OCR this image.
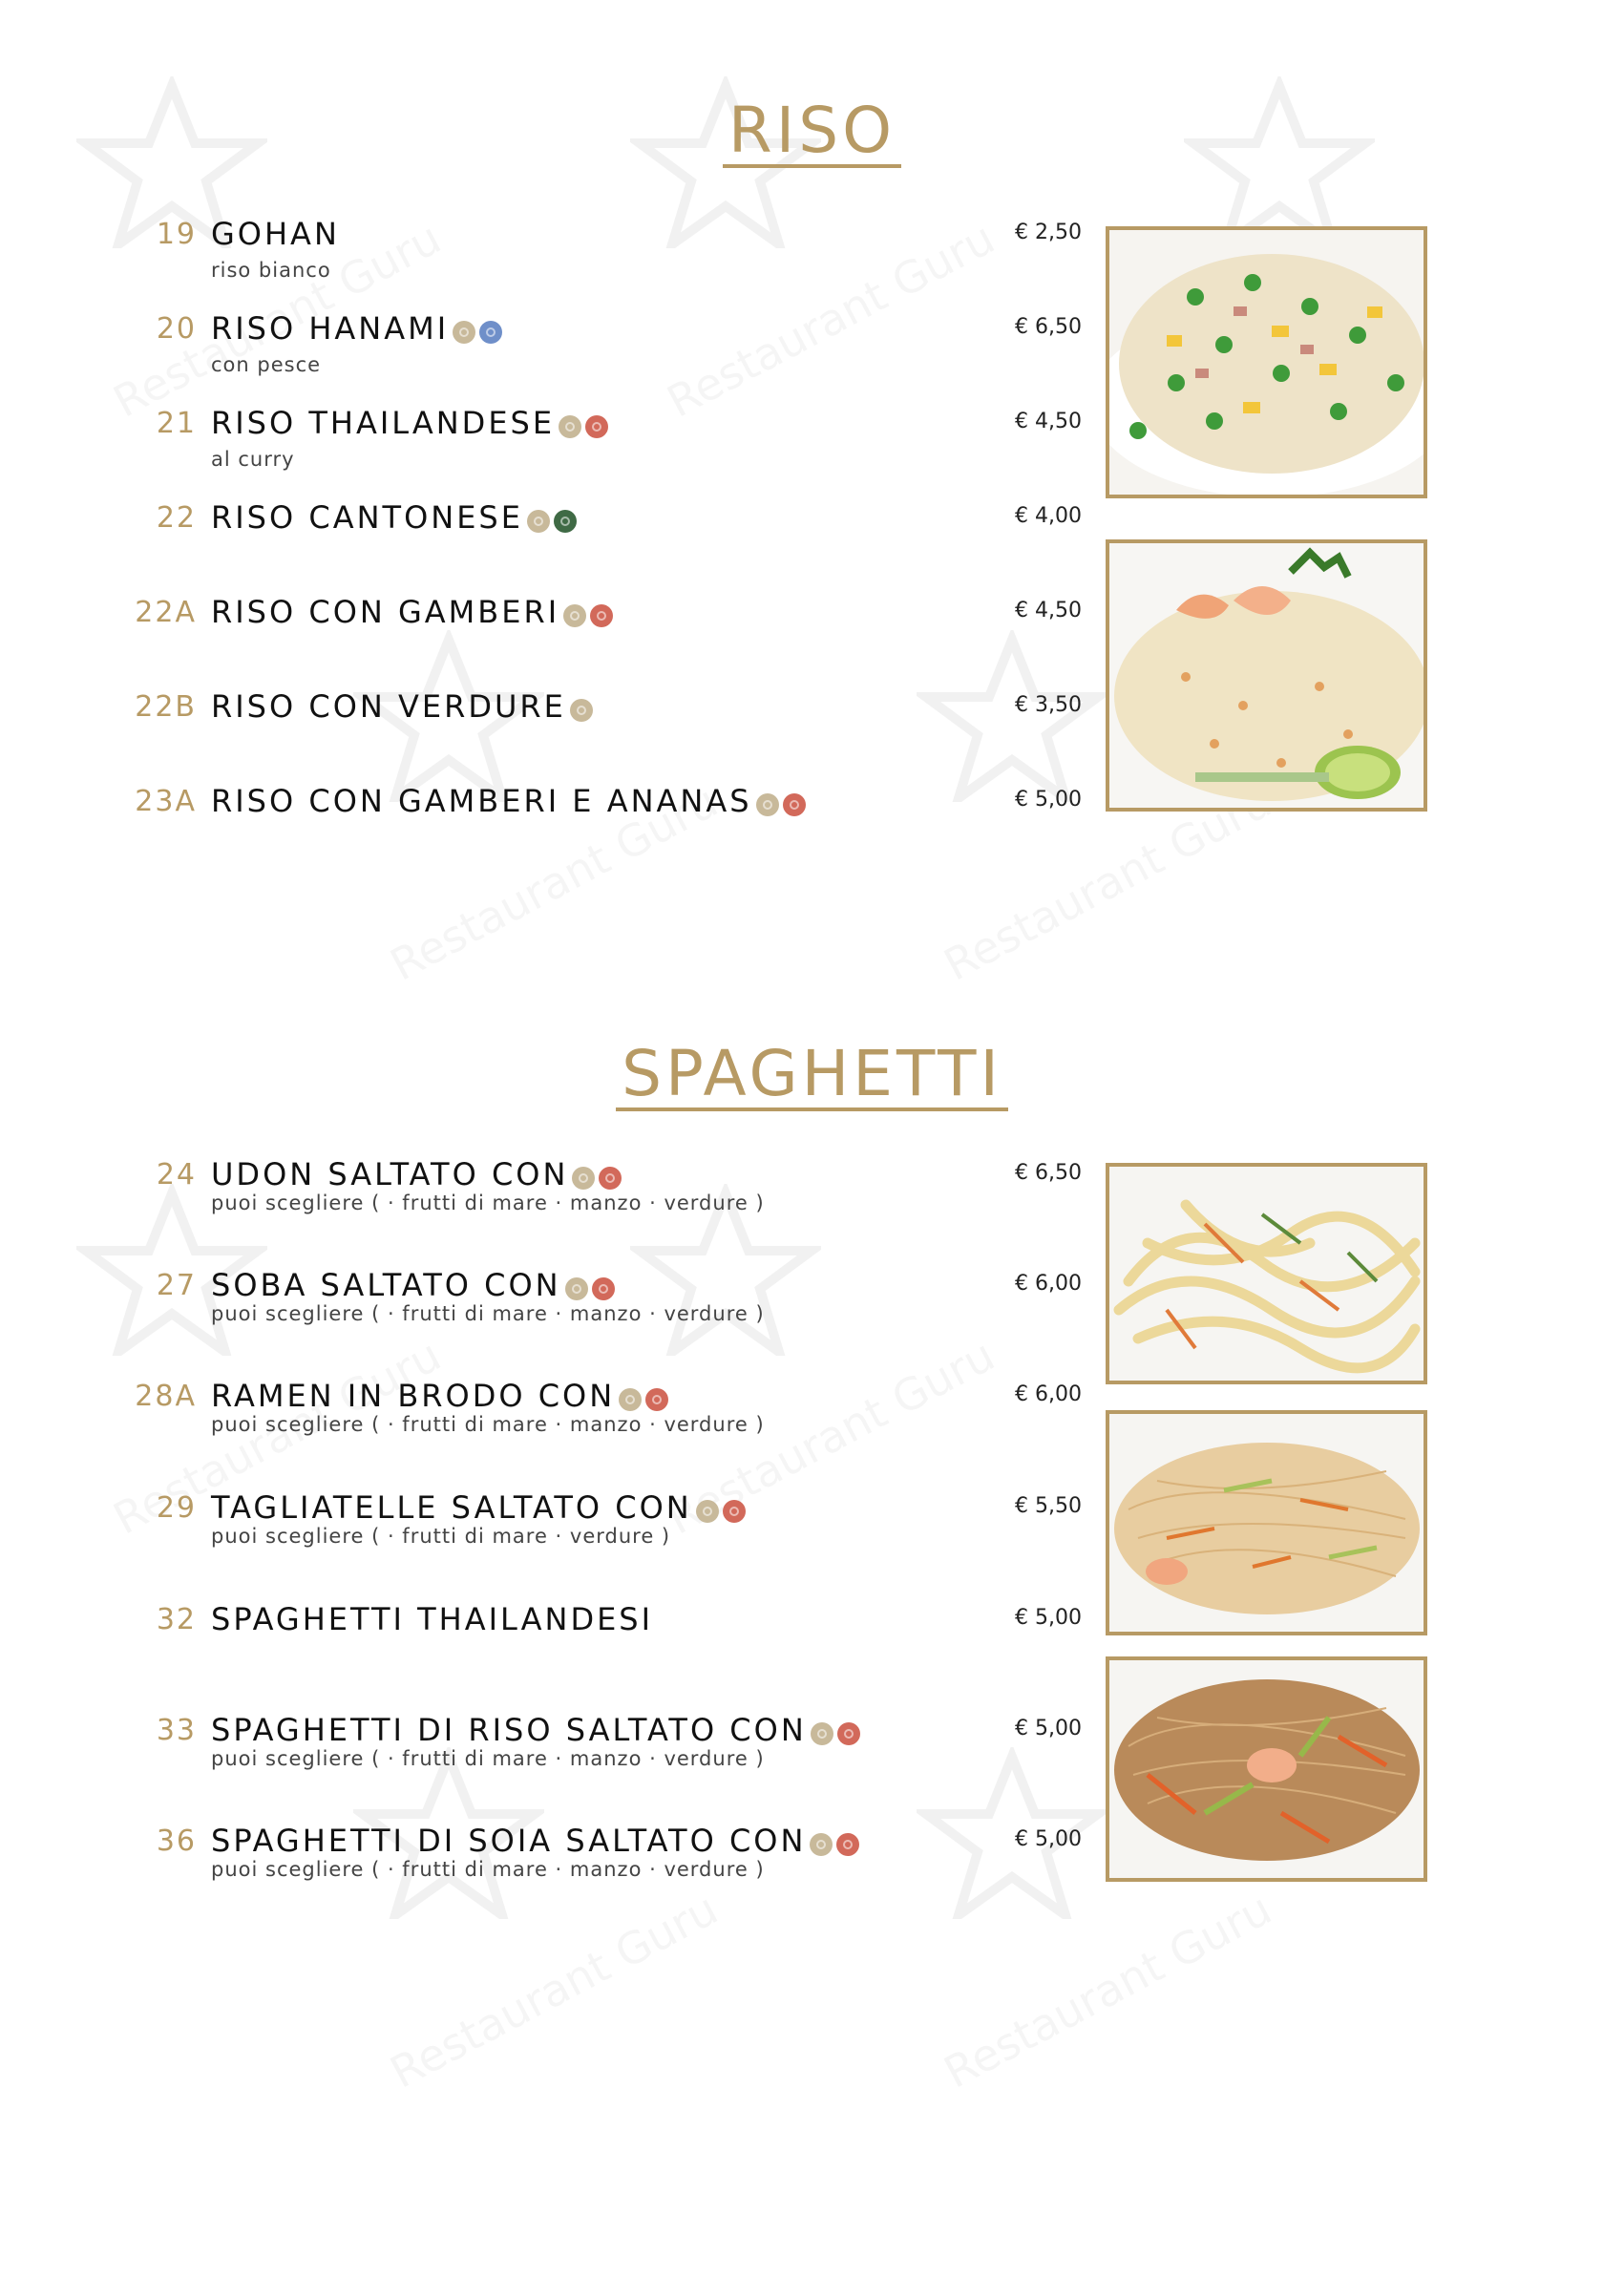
RISO
19 GOHAN
riso bianco
€ 2,50
20 RISO HANAMI
con pesce
€ 6,50
21 RISO THAILANDESE
al curry
€ 4,50
22 RISO CANTONESE	€ 4,00
22A RISO CON GAMBERI	€ 4,50
22B RISO CON VERDURE	€ 3,50
23A RISO CON GAMBERI E ANANAS	€ 5,00
SPAGHETTI
24 UDON SALTATO CON
puoi scegliere ( · frutti di mare · manzo · verdure )
€ 6,50
27 SOBA SALTATO CON
puoi scegliere ( · frutti di mare · manzo · verdure )
€ 6,00
28A RAMEN IN BRODO CON
puoi scegliere ( · frutti di mare · manzo · verdure )
€ 6,00
29 TAGLIATELLE SALTATO CON
puoi scegliere ( · frutti di mare · verdure )
€ 5,50
32 SPAGHETTI THAILANDESI	€ 5,00
33 SPAGHETTI DI RISO SALTATO CON
puoi scegliere ( · frutti di mare · manzo · verdure )
€ 5,00
36 SPAGHETTI DI SOIA SALTATO CON
puoi scegliere ( · frutti di mare · manzo · verdure )
€ 5,00
